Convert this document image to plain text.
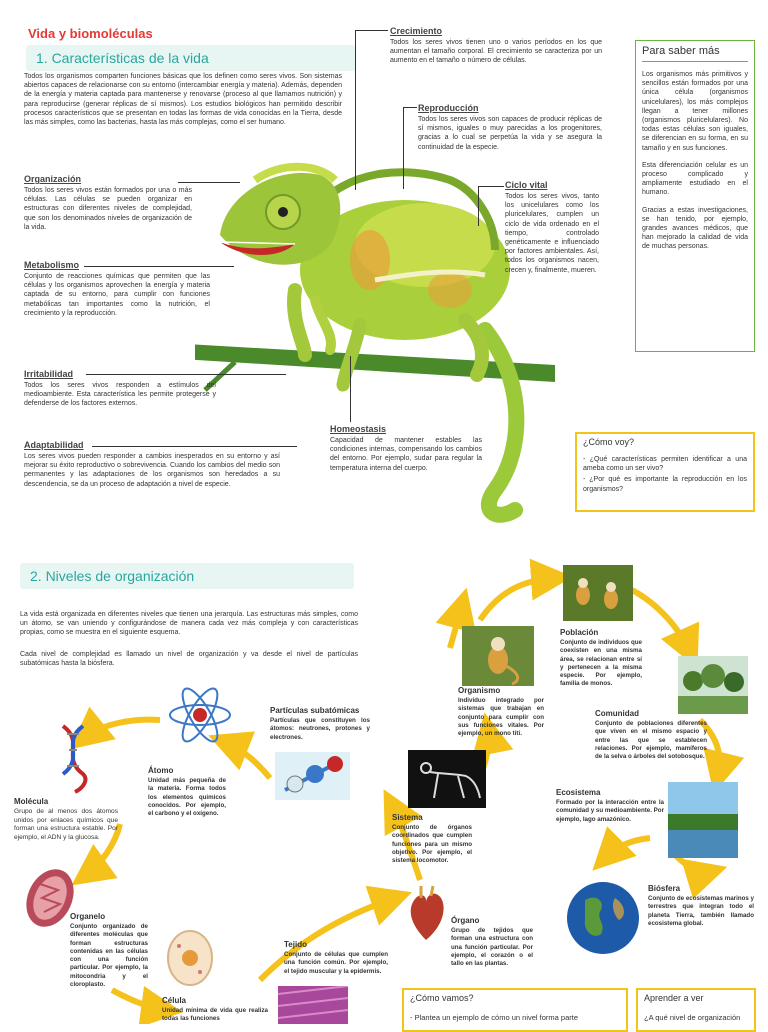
Vida y biomoléculas
1. Características de la vida
Todos los organismos comparten funciones básicas que los definen como seres vivos. Son sistemas abiertos capaces de relacionarse con su entorno (intercambiar energía y materia). Además, dependen de la energía y materia captada para mantenerse y renovarse (proceso al que llamamos nutrición) y para reproducirse (generar réplicas de sí mismos). Los estudios biológicos han permitido describir procesos característicos que se presentan en todas las formas de vida conocidas en la Tierra, desde las más simples, como las bacterias, hasta las más complejas, como el ser humano.
Organización
Todos los seres vivos están formados por una o más células. Las células se pueden organizar en estructuras con diferentes niveles de complejidad, que son los denominados niveles de organización de la vida.
Metabolismo
Conjunto de reacciones químicas que permiten que las células y los organismos aprovechen la energía y materia captada de su entorno, para cumplir con funciones metabólicas tan importantes como la nutrición, el crecimiento y la reproducción.
Irritabilidad
Todos los seres vivos responden a estímulos del medioambiente. Esta característica les permite protegerse y defenderse de los factores externos.
Adaptabilidad
Los seres vivos pueden responder a cambios inesperados en su entorno y así mejorar su éxito reproductivo o sobrevivencia. Cuando los cambios del medio son permanentes y las adaptaciones de los organismos son heredados a su descendencia, se da un proceso de adaptación a nivel de especie.
Crecimiento
Todos los seres vivos tienen uno o varios períodos en los que aumentan el tamaño corporal. El crecimiento se caracteriza por un aumento en el tamaño o número de células.
Reproducción
Todos los seres vivos son capaces de producir réplicas de sí mismos, iguales o muy parecidas a los progenitores, gracias a lo cual se perpetúa la vida y se asegura la continuidad de la especie.
Ciclo vital
Todos los seres vivos, tanto los unicelulares como los pluricelulares, cumplen un ciclo de vida ordenado en el tiempo, controlado genéticamente e influenciado por factores ambientales. Así, todos los organismos nacen, crecen y, finalmente, mueren.
Homeostasis
Capacidad de mantener estables las condiciones internas, compensando los cambios del entorno. Por ejemplo, sudar para regular la temperatura interna del cuerpo.
Para saber más
Los organismos más primitivos y sencillos están formados por una única célula (organismos unicelulares), los más complejos llegan a tener millones (organismos pluricelulares). No todas estas células son iguales, se diferencian en su forma, en su tamaño y en sus funciones.
Esta diferenciación celular es un proceso complicado y ampliamente estudiado en el humano.
Gracias a estas investigaciones, se han tenido, por ejemplo, grandes avances médicos, que han mejorado la calidad de vida de muchas personas.
¿Cómo voy?
- ¿Qué características permiten identificar a una ameba como un ser vivo?
- ¿Por qué es importante la reproducción en los organismos?
2. Niveles de organización
La vida está organizada en diferentes niveles que tienen una jerarquía. Las estructuras más simples, como un átomo, se van uniendo y configurándose de manera cada vez más compleja y con características propias, como se muestra en el siguiente esquema.
Cada nivel de complejidad es llamado un nivel de organización y va desde el nivel de partículas subatómicas hasta la biósfera.
Partículas subatómicas
Partículas que constituyen los átomos: neutrones, protones y electrones.
Átomo
Unidad más pequeña de la materia. Forma todos los elementos químicos conocidos. Por ejemplo, el carbono y el oxígeno.
Molécula
Grupo de al menos dos átomos unidos por enlaces químicos que forman una estructura estable. Por ejemplo, el ADN y la glucosa.
Organelo
Conjunto organizado de diferentes moléculas que forman estructuras contenidas en las células con una función particular. Por ejemplo, la mitocondria y el cloroplasto.
Célula
Unidad mínima de vida que realiza todas las funciones
Tejido
Conjunto de células que cumplen una función común. Por ejemplo, el tejido muscular y la epidermis.
Órgano
Grupo de tejidos que forman una estructura con una función particular. Por ejemplo, el corazón o el tallo en las plantas.
Sistema
Conjunto de órganos coordinados que cumplen funciones para un mismo objetivo. Por ejemplo, el sistema locomotor.
Organismo
Individuo integrado por sistemas que trabajan en conjunto para cumplir con sus funciones vitales. Por ejemplo, un mono titi.
Población
Conjunto de individuos que coexisten en una misma área, se relacionan entre sí y pertenecen a la misma especie. Por ejemplo, familia de monos.
Comunidad
Conjunto de poblaciones diferentes que viven en el mismo espacio y entre las que se establecen relaciones. Por ejemplo, mamíferos de la selva o árboles del sotobosque.
Ecosistema
Formado por la interacción entre la comunidad y su medioambiente. Por ejemplo, lago amazónico.
Biósfera
Conjunto de ecosistemas marinos y terrestres que integran todo el planeta Tierra, también llamado ecosistema global.
¿Cómo vamos?
- Plantea un ejemplo de cómo un nivel forma parte
Aprender a ver
¿A qué nivel de organización
